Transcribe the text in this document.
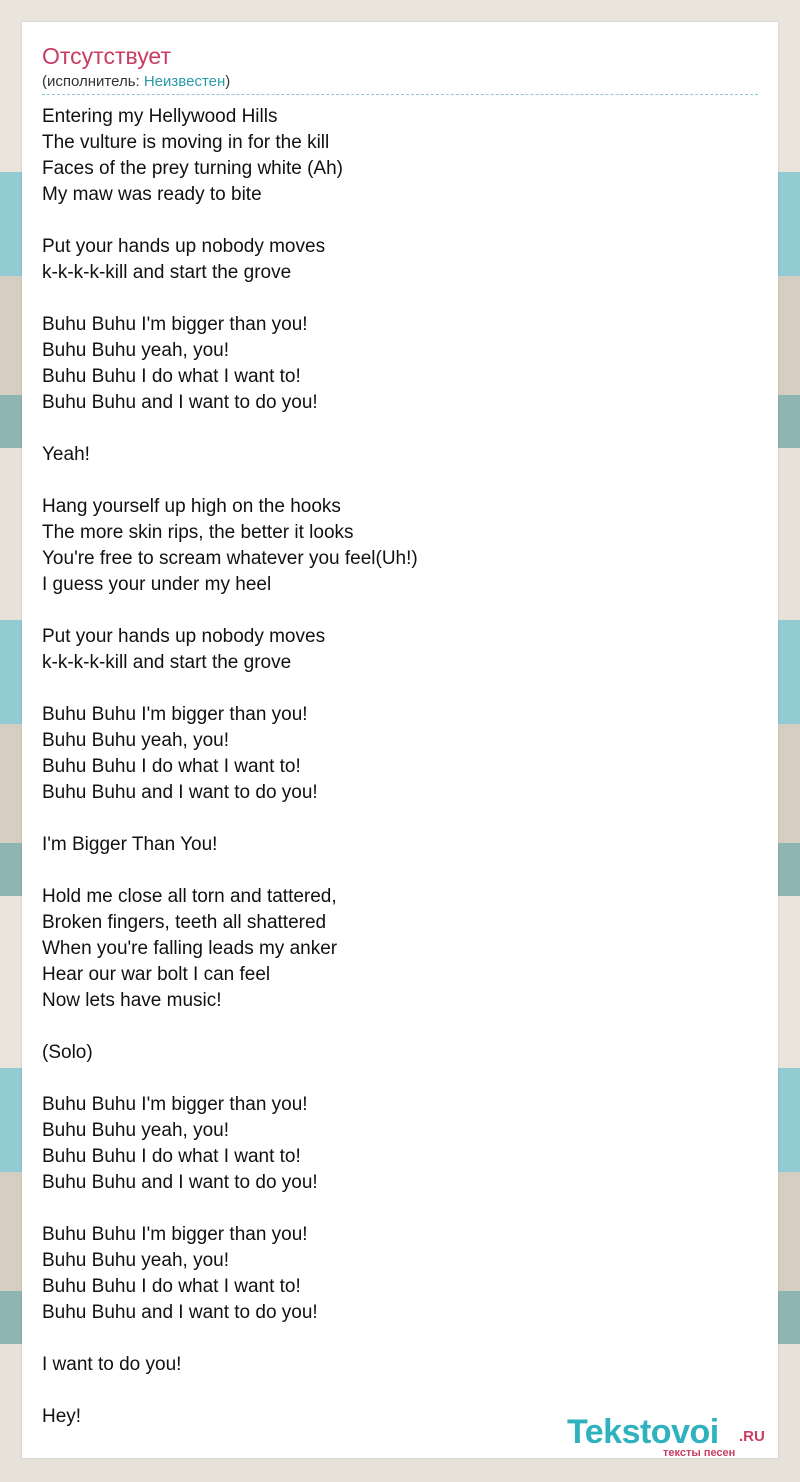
Отсутствует
(исполнитель: Неизвестен)
Entering my Hellywood Hills
The vulture is moving in for the kill
Faces of the prey turning white (Ah)
My maw was ready to bite
Put your hands up nobody moves
k-k-k-k-kill and start the grove
Buhu Buhu I'm bigger than you!
Buhu Buhu yeah, you!
Buhu Buhu I do what I want to!
Buhu Buhu and I want to do you!
Yeah!
Hang yourself up high on the hooks
The more skin rips, the better it looks
You're free to scream whatever you feel(Uh!)
I guess your under my heel
Put your hands up nobody moves
k-k-k-k-kill and start the grove
Buhu Buhu I'm bigger than you!
Buhu Buhu yeah, you!
Buhu Buhu I do what I want to!
Buhu Buhu and I want to do you!
I'm Bigger Than You!
Hold me close all torn and tattered,
Broken fingers, teeth all shattered
When you're falling leads my anker
Hear our war bolt I can feel
Now lets have music!
(Solo)
Buhu Buhu I'm bigger than you!
Buhu Buhu yeah, you!
Buhu Buhu I do what I want to!
Buhu Buhu and I want to do you!
Buhu Buhu I'm bigger than you!
Buhu Buhu yeah, you!
Buhu Buhu I do what I want to!
Buhu Buhu and I want to do you!
I want to do you!
Hey!	Tekstovoi .RU
тексты песен
